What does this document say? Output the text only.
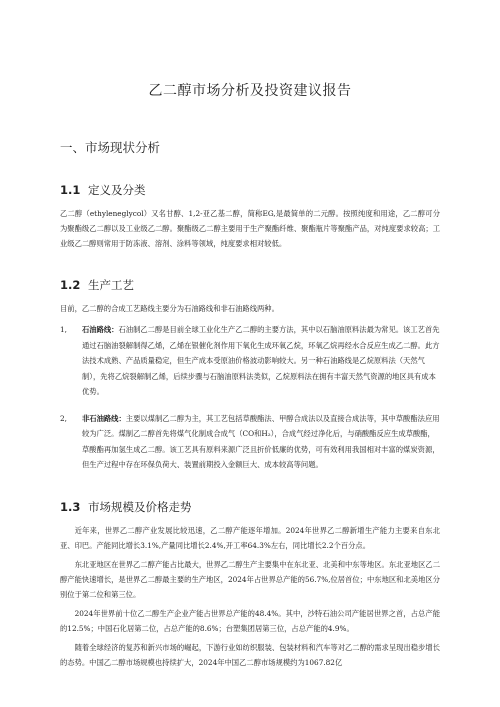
乙二醇市场分析及投资建议报告
一、市场现状分析
1.1 定义及分类

乙二醇（ethyleneglycol）又名甘醇、1,2-亚乙基二醇，简称EG,是最简单的二元醇。按照纯度和用途，乙二醇可分为聚酯级乙二醇以及工业级乙二醇。聚酯级乙二醇主要用于生产聚酯纤维、聚酯瓶片等聚酯产品，对纯度要求较高；工业级乙二醇则常用于防冻液、溶剂、涂料等领域，纯度要求相对较低。

1.2 生产工艺

目前，乙二醇的合成工艺路线主要分为石油路线和非石油路线两种。

1,	石油路线：石油制乙二醇是目前全球工业化生产乙二醇的主要方法，其中以石脑油原料法最为常见。该工艺首先通过石脑油裂解制得乙烯，乙烯在银催化剂作用下氧化生成环氧乙烷，环氧乙烷再经水合反应生成乙二醇。此方法技术成熟、产品质量稳定，但生产成本受原油价格波动影响较大。另一种石油路线是乙烷原料法（天然气制），先将乙烷裂解制乙烯，后续步骤与石脑油原料法类似，乙烷原料法在拥有丰富天然气资源的地区具有成本优势。
2,	非石油路线：主要以煤制乙二醇为主，其工艺包括草酸酯法、甲醇合成法以及直接合成法等，其中草酸酯法应用较为广泛。煤制乙二醇首先将煤气化制成合成气（CO和H₂），合成气经过净化后，与硝酸酯反应生成草酸酯，草酸酯再加氢生成乙二醇。该工艺具有原料来源广泛且折价低廉的优势，可有效利用我国相对丰富的煤炭资源，但生产过程中存在环保负荷大、装置前期投入金额巨大、成本较高等问题。
1.3 市场规模及价格走势

近年来，世界乙二醇产业发展比较迅速，乙二醇产能逐年增加。2024年世界乙二醇新增生产能力主要来自东北亚、印巴。产能同比增长3.1%,产量同比增长2.4%,开工率64.3%左右，同比增长2.2个百分点。

东北亚地区在世界乙二醇产能占比最大，世界乙二醇生产主要集中在东北亚、北美和中东等地区。东北亚地区乙二醇产能快速增长，是世界乙二醇最主要的生产地区，2024年占世界总产能的56.7%,位居首位；中东地区和北美地区分别位于第二位和第三位。

2024年世界前十位乙二醇生产企业产能占世界总产能的48.4%。其中，沙特石油公司产能居世界之首，占总产能的12.5%；中国石化居第二位，占总产能的8.6%；台塑集团居第三位，占总产能的4.9%。

随着全球经济的复苏和新兴市场的崛起，下游行业如纺织服装、包装材料和汽车等对乙二醇的需求呈现出稳步增长的态势。中国乙二醇市场规模也持续扩大，2024年中国乙二醇市场规模约为1067.82亿
